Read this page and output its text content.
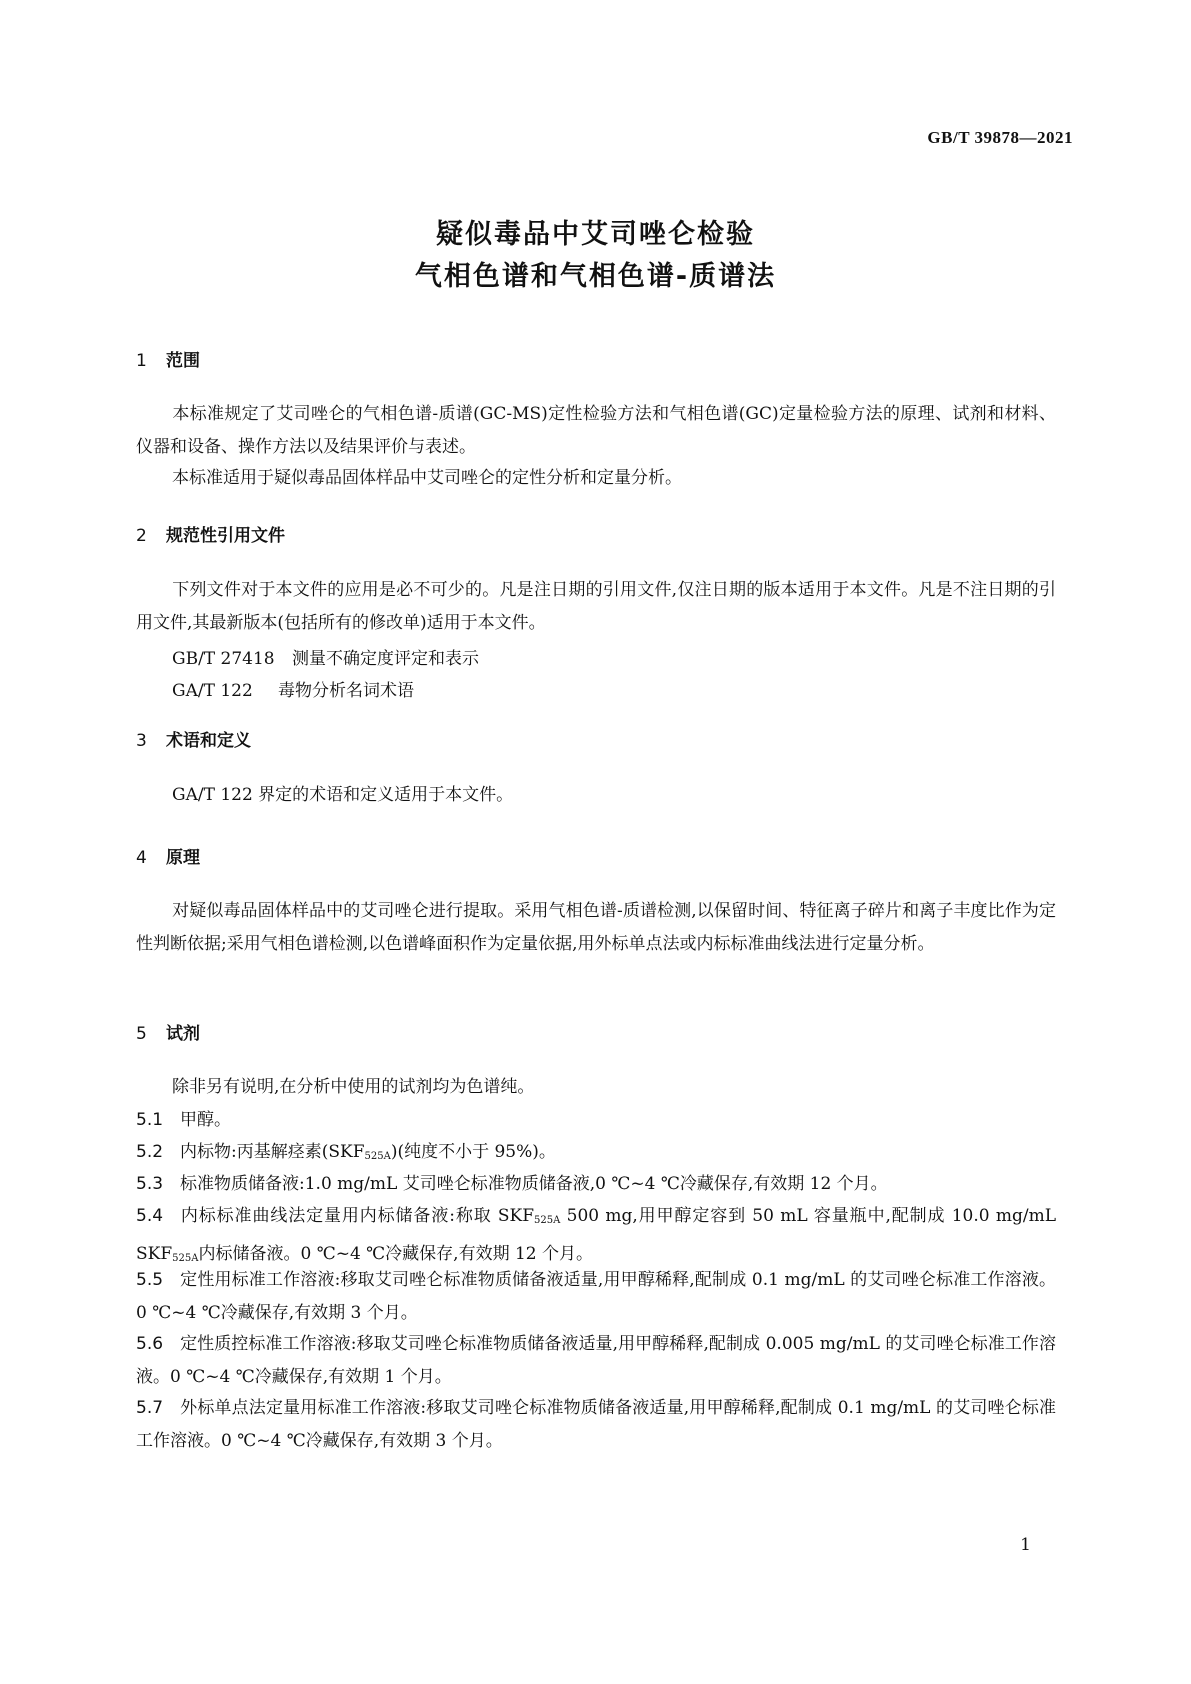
GB/T 39878—2021
疑似毒品中艾司唑仑检验
气相色谱和气相色谱-质谱法
1 范围
本标准规定了艾司唑仑的气相色谱-质谱(GC-MS)定性检验方法和气相色谱(GC)定量检验方法的原理、试剂和材料、仪器和设备、操作方法以及结果评价与表述。
本标准适用于疑似毒品固体样品中艾司唑仑的定性分析和定量分析。
2 规范性引用文件
下列文件对于本文件的应用是必不可少的。凡是注日期的引用文件,仅注日期的版本适用于本文件。凡是不注日期的引用文件,其最新版本(包括所有的修改单)适用于本文件。
GB/T 27418 测量不确定度评定和表示
GA/T 122 毒物分析名词术语
3 术语和定义
GA/T 122 界定的术语和定义适用于本文件。
4 原理
对疑似毒品固体样品中的艾司唑仑进行提取。采用气相色谱-质谱检测,以保留时间、特征离子碎片和离子丰度比作为定性判断依据;采用气相色谱检测,以色谱峰面积作为定量依据,用外标单点法或内标标准曲线法进行定量分析。
5 试剂
除非另有说明,在分析中使用的试剂均为色谱纯。
5.1 甲醇。
5.2 内标物:丙基解痉素$(SKF_{525A})$(纯度不小于 95%)。
5.3 标准物质储备液:1.0 mg/mL 艾司唑仑标准物质储备液,0 ℃~4 ℃冷藏保存,有效期 12 个月。
5.4 内标标准曲线法定量用内标储备液:称取 $SKF_{525A}$ 500 mg,用甲醇定容到 50 mL 容量瓶中,配制成 10.0 mg/mL $SKF_{525A}$内标储备液。0 ℃~4 ℃冷藏保存,有效期 12 个月。
5.5 定性用标准工作溶液:移取艾司唑仑标准物质储备液适量,用甲醇稀释,配制成 0.1 mg/mL 的艾司唑仑标准工作溶液。0 ℃~4 ℃冷藏保存,有效期 3 个月。
5.6 定性质控标准工作溶液:移取艾司唑仑标准物质储备液适量,用甲醇稀释,配制成 0.005 mg/mL 的艾司唑仑标准工作溶液。0 ℃~4 ℃冷藏保存,有效期 1 个月。
5.7 外标单点法定量用标准工作溶液:移取艾司唑仑标准物质储备液适量,用甲醇稀释,配制成 0.1 mg/mL 的艾司唑仑标准工作溶液。0 ℃~4 ℃冷藏保存,有效期 3 个月。
1
